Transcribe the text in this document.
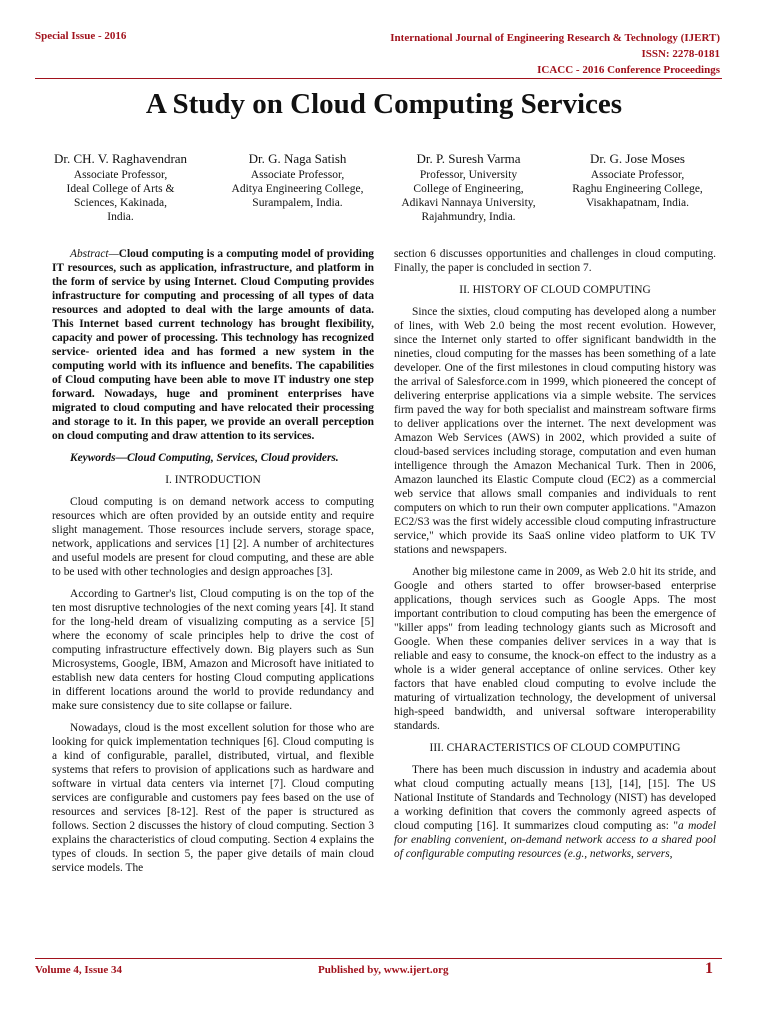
Special Issue - 2016	International Journal of Engineering Research & Technology (IJERT)
ISSN: 2278-0181
ICACC - 2016 Conference Proceedings
A Study on Cloud Computing Services
Dr. CH. V. Raghavendran
Associate Professor,
Ideal College of Arts &
Sciences, Kakinada,
India.
Dr. G. Naga Satish
Associate Professor,
Aditya Engineering College,
Surampalem, India.
Dr. P. Suresh Varma
Professor, University
College of Engineering,
Adikavi Nannaya University,
Rajahmundry, India.
Dr. G. Jose Moses
Associate Professor,
Raghu Engineering College,
Visakhapatnam, India.

Abstract—Cloud computing is a computing model of providing IT resources, such as application, infrastructure, and platform in the form of service by using Internet. Cloud Computing provides infrastructure for computing and processing of all types of data resources and adopted to deal with the large amounts of data. This Internet based current technology has brought flexibility, capacity and power of processing. This technology has recognized service- oriented idea and has formed a new system in the computing world with its influence and benefits. The capabilities of Cloud computing have been able to move IT industry one step forward. Nowadays, huge and prominent enterprises have migrated to cloud computing and have relocated their processing and storage to it. In this paper, we provide an overall perception on cloud computing and draw attention to its services.

Keywords—Cloud Computing, Services, Cloud providers.

I. INTRODUCTION

Cloud computing is on demand network access to computing resources which are often provided by an outside entity and require slight management. Those resources include servers, storage space, network, applications and services [1] [2]. A number of architectures and useful models are present for cloud computing, and these are able to be used with other technologies and design approaches [3].

According to Gartner's list, Cloud computing is on the top of the ten most disruptive technologies of the next coming years [4]. It stand for the long-held dream of visualizing computing as a service [5] where the economy of scale principles help to drive the cost of computing infrastructure effectively down. Big players such as Sun Microsystems, Google, IBM, Amazon and Microsoft have initiated to establish new data centers for hosting Cloud computing applications in different locations around the world to provide redundancy and make sure consistency due to site collapse or failure.

Nowadays, cloud is the most excellent solution for those who are looking for quick implementation techniques [6]. Cloud computing is a kind of configurable, parallel, distributed, virtual, and flexible systems that refers to provision of applications such as hardware and software in virtual data centers via internet [7]. Cloud computing services are configurable and customers pay fees based on the use of resources and services [8-12]. Rest of the paper is structured as follows. Section 2 discusses the history of cloud computing. Section 3 explains the characteristics of cloud computing. Section 4 explains the types of clouds. In section 5, the paper give details of main cloud service models. The

section 6 discusses opportunities and challenges in cloud computing. Finally, the paper is concluded in section 7.

II. HISTORY OF CLOUD COMPUTING

Since the sixties, cloud computing has developed along a number of lines, with Web 2.0 being the most recent evolution. However, since the Internet only started to offer significant bandwidth in the nineties, cloud computing for the masses has been something of a late developer. One of the first milestones in cloud computing history was the arrival of Salesforce.com in 1999, which pioneered the concept of delivering enterprise applications via a simple website. The services firm paved the way for both specialist and mainstream software firms to deliver applications over the internet. The next development was Amazon Web Services (AWS) in 2002, which provided a suite of cloud-based services including storage, computation and even human intelligence through the Amazon Mechanical Turk. Then in 2006, Amazon launched its Elastic Compute cloud (EC2) as a commercial web service that allows small companies and individuals to rent computers on which to run their own computer applications. "Amazon EC2/S3 was the first widely accessible cloud computing infrastructure service," which provide its SaaS online video platform to UK TV stations and newspapers.

Another big milestone came in 2009, as Web 2.0 hit its stride, and Google and others started to offer browser-based enterprise applications, though services such as Google Apps. The most important contribution to cloud computing has been the emergence of "killer apps" from leading technology giants such as Microsoft and Google. When these companies deliver services in a way that is reliable and easy to consume, the knock-on effect to the industry as a whole is a wider general acceptance of online services. Other key factors that have enabled cloud computing to evolve include the maturing of virtualization technology, the development of universal high-speed bandwidth, and universal software interoperability standards.

III. CHARACTERISTICS OF CLOUD COMPUTING

There has been much discussion in industry and academia about what cloud computing actually means [13], [14], [15]. The US National Institute of Standards and Technology (NIST) has developed a working definition that covers the commonly agreed aspects of cloud computing [16]. It summarizes cloud computing as: "a model for enabling convenient, on-demand network access to a shared pool of configurable computing resources (e.g., networks, servers,

Volume 4, Issue 34	Published by, www.ijert.org	1
